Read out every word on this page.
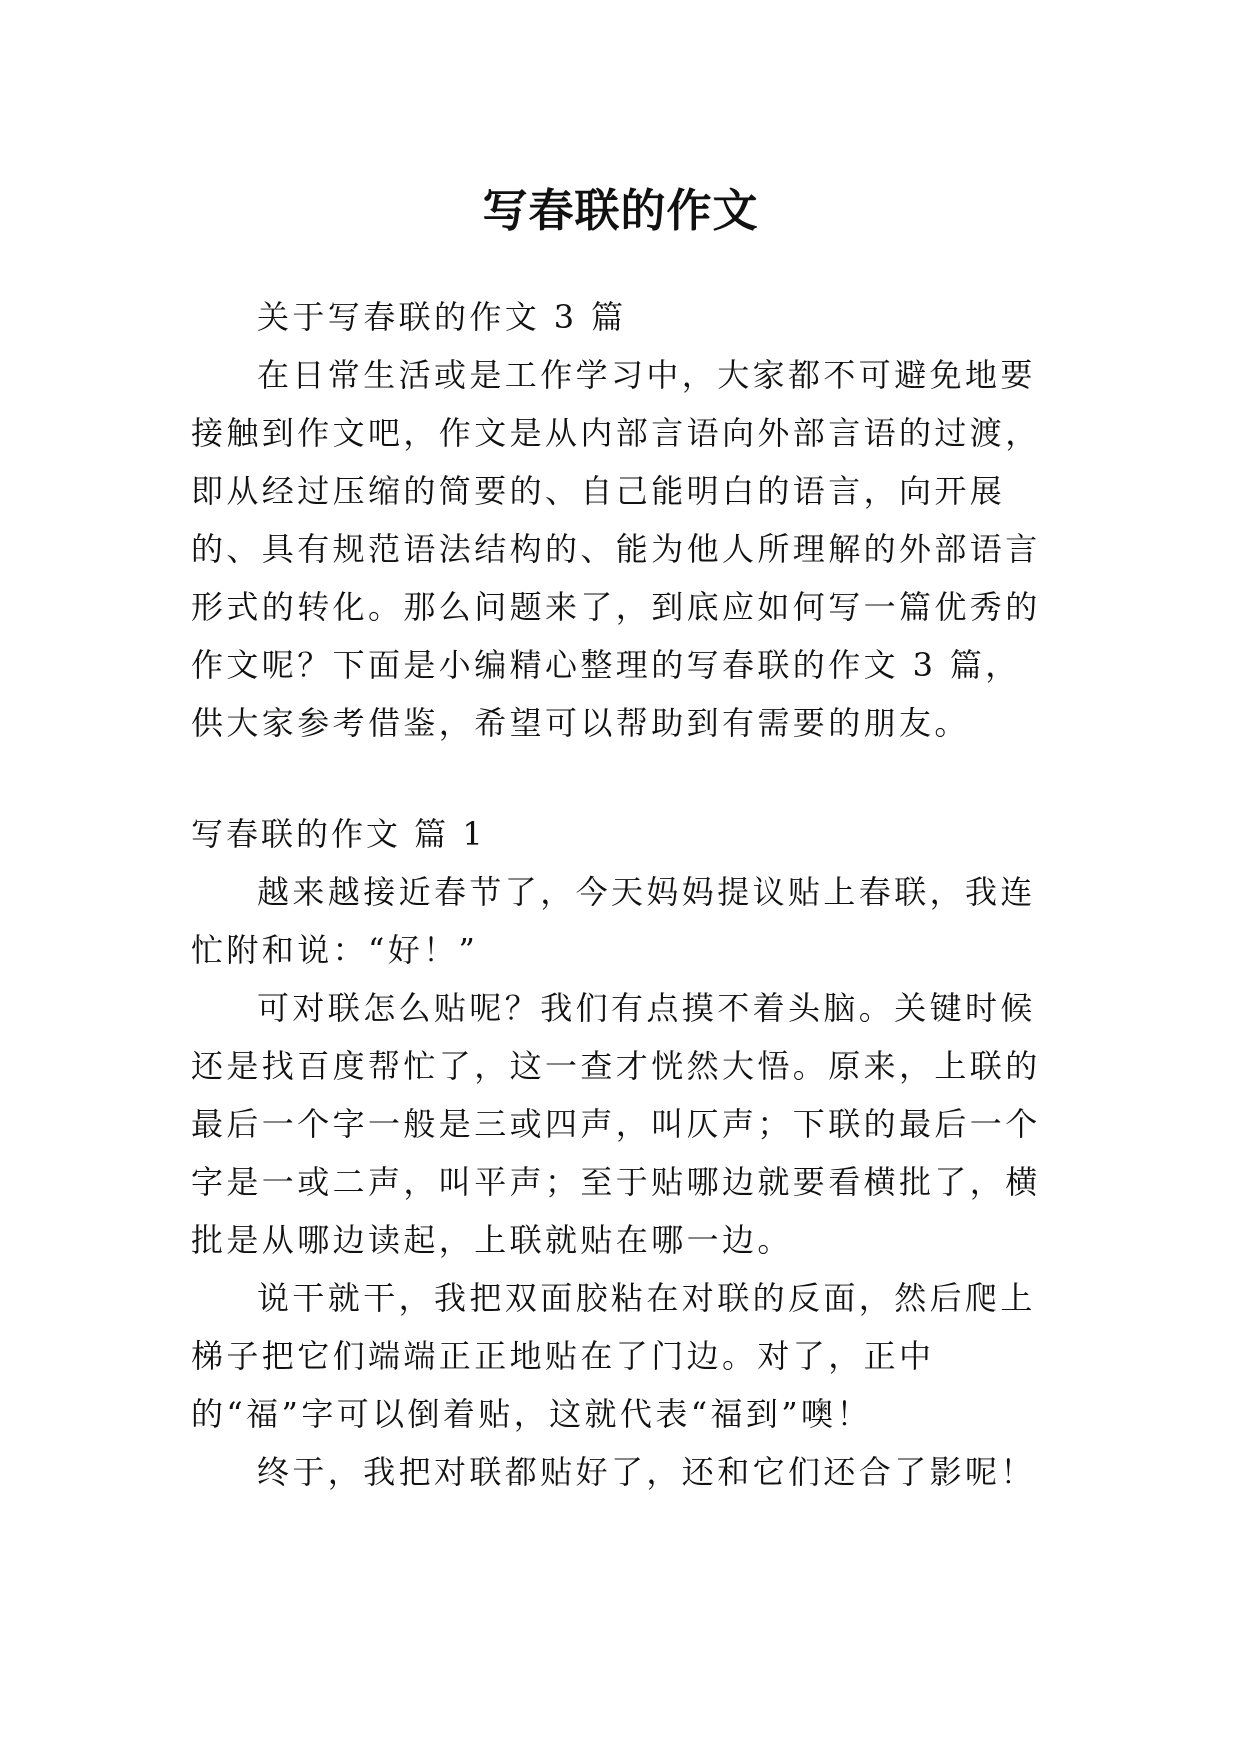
写春联的作文

关于写春联的作文 3 篇

在日常生活或是工作学习中，大家都不可避免地要接触到作文吧，作文是从内部言语向外部言语的过渡，即从经过压缩的简要的、自己能明白的语言，向开展的、具有规范语法结构的、能为他人所理解的外部语言形式的转化。那么问题来了，到底应如何写一篇优秀的作文呢？下面是小编精心整理的写春联的作文 3 篇，供大家参考借鉴，希望可以帮助到有需要的朋友。

写春联的作文 篇 1

越来越接近春节了，今天妈妈提议贴上春联，我连忙附和说：“好！”

可对联怎么贴呢？我们有点摸不着头脑。关键时候还是找百度帮忙了，这一查才恍然大悟。原来，上联的最后一个字一般是三或四声，叫仄声；下联的最后一个字是一或二声，叫平声；至于贴哪边就要看横批了，横批是从哪边读起，上联就贴在哪一边。

说干就干，我把双面胶粘在对联的反面，然后爬上梯子把它们端端正正地贴在了门边。对了，正中的“福”字可以倒着贴，这就代表“福到”噢！

终于，我把对联都贴好了，还和它们还合了影呢！
